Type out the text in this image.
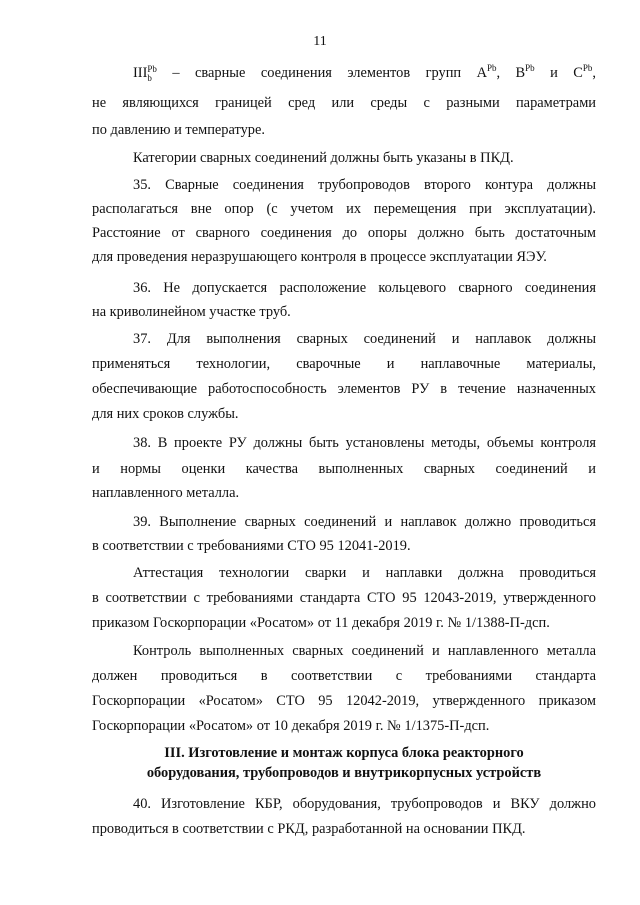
11
III Pb
b	– сварные соединения элементов групп $A^{Pb}$, $B^{Pb}$ и $C^{Pb}$,
не являющихся границей сред или среды с разными параметрами
по давлению и температуре.
Категории сварных соединений должны быть указаны в ПКД.
35. Сварные соединения трубопроводов второго контура должны
располагаться вне опор (с учетом их перемещения при эксплуатации).
Расстояние от сварного соединения до опоры должно быть достаточным
для проведения неразрушающего контроля в процессе эксплуатации ЯЭУ.
36. Не допускается расположение кольцевого сварного соединения
на криволинейном участке труб.
37. Для выполнения сварных соединений и наплавок должны
применяться технологии, сварочные и наплавочные материалы,
обеспечивающие работоспособность элементов РУ в течение назначенных
для них сроков службы.
38. В проекте РУ должны быть установлены методы, объемы контроля
и нормы оценки качества выполненных сварных соединений и
наплавленного металла.
39. Выполнение сварных соединений и наплавок должно проводиться
в соответствии с требованиями СТО 95 12041-2019.
Аттестация технологии сварки и наплавки должна проводиться
в соответствии с требованиями стандарта СТО 95 12043-2019, утвержденного
приказом Госкорпорации «Росатом» от 11 декабря 2019 г. № 1/1388-П-дсп.
Контроль выполненных сварных соединений и наплавленного металла
должен проводиться в соответствии с требованиями стандарта
Госкорпорации «Росатом» СТО 95 12042-2019, утвержденного приказом
Госкорпорации «Росатом» от 10 декабря 2019 г. № 1/1375-П-дсп.
III. Изготовление и монтаж корпуса блока реакторного
оборудования, трубопроводов и внутрикорпусных устройств
40. Изготовление КБР, оборудования, трубопроводов и ВКУ должно
проводиться в соответствии с РКД, разработанной на основании ПКД.
